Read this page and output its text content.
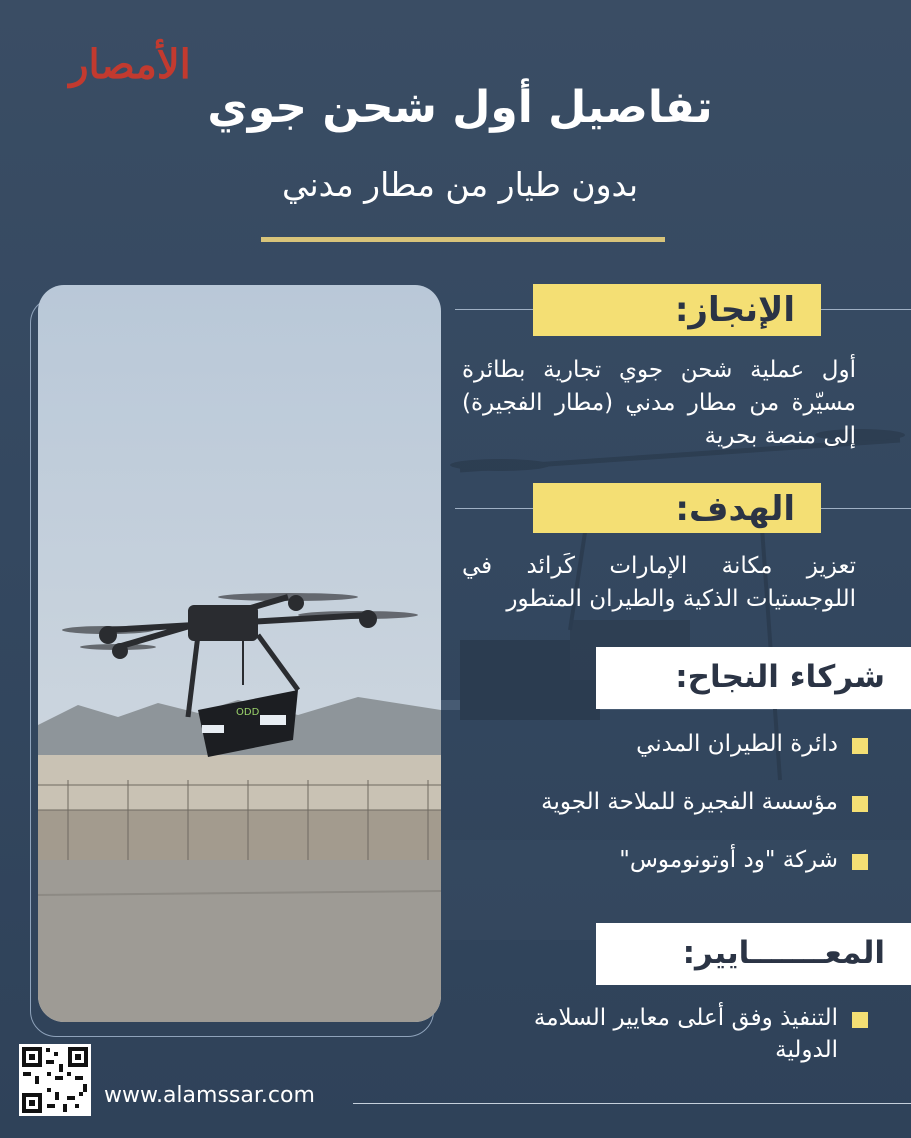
الأمصار
تفاصيل أول شحن جوي
بدون طيار من مطار مدني
ODD
الإنجاز:
أول عملية شحن جوي تجارية بطائرة مسيّرة من مطار مدني (مطار الفجيرة) إلى منصة بحرية
الهدف:
تعزيز مكانة الإمارات كَرائد في اللوجستيات الذكية والطيران المتطور
شركاء النجاح:
دائرة الطيران المدني
مؤسسة الفجيرة للملاحة الجوية
شركة "ود أوتونوموس"
المعـــــــايير:
التنفيذ وفق أعلى معايير السلامة الدولية
www.alamssar.com
